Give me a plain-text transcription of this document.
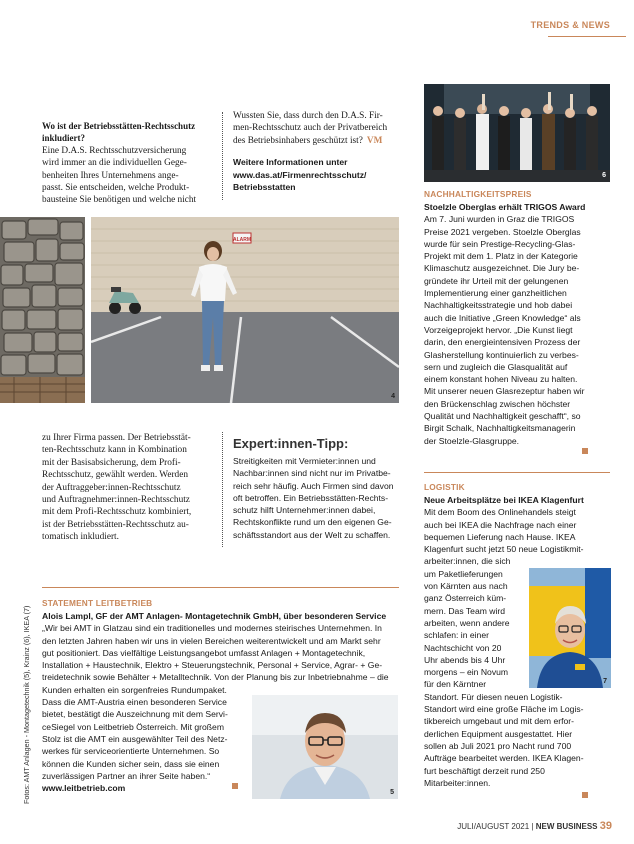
TRENDS & NEWS

Wo ist der Betriebsstätten-Rechtsschutz inkludiert?

Eine D.A.S. Rechtsschutzversicherung
wird immer an die individuellen Gege-
benheiten Ihres Unternehmens ange-
passt. Sie entscheiden, welche Produkt-
bausteine Sie benötigen und welche nicht
Wussten Sie, dass durch den D.A.S. Fir-
men-Rechtsschutz auch der Privatbereich
des Betriebsinhabers geschützt ist? VM
Weitere Informationen unter
www.das.at/Firmenrechtsschutz/
Betriebsstatten
ALARM
4
zu Ihrer Firma passen. Der Betriebsstät-
ten-Rechtsschutz kann in Kombination
mit der Basisabsicherung, dem Profi-
Rechtsschutz, gewählt werden. Werden
der Auftraggeber:innen-Rechtsschutz
und Auftragnehmer:innen-Rechtsschutz
mit dem Profi-Rechtsschutz kombiniert,
ist der Betriebsstätten-Rechtsschutz au-
tomatisch inkludiert.
Expert:innen-Tipp:
Streitigkeiten mit Vermieter:innen und
Nachbar:innen sind nicht nur im Privatbe-
reich sehr häufig. Auch Firmen sind davon
oft betroffen. Ein Betriebsstätten-Rechts-
schutz hilft Unternehmer:innen dabei,
Rechtskonflikte rund um den eigenen Ge-
schäftsstandort aus der Welt zu schaffen.
STATEMENT LEITBETRIEB
Alois Lampl, GF der AMT Anlagen- Montagetechnik GmbH, über besonderen Service
„Wir bei AMT in Glatzau sind ein traditionelles und modernes steirisches Unternehmen. In
den letzten Jahren haben wir uns in vielen Bereichen weiterentwickelt und am Markt sehr
gut positioniert. Das vielfältige Leistungsangebot umfasst Anlagen + Montagetechnik,
Installation + Haustechnik, Elektro + Steuerungstechnik, Personal + Service, Agrar- + Ge-
treidetechnik sowie Behälter + Metalltechnik. Von der Planung bis zur Inbetriebnahme – die
Kunden erhalten ein sorgenfreies Rundumpaket.
Dass die AMT-Austria einen besonderen Service
bietet, bestätigt die Auszeichnung mit dem Servi-
ceSiegel von Leitbetrieb Österreich. Mit großem
Stolz ist die AMT ein ausgewählter Teil des Netz-
werkes für serviceorientierte Unternehmen. So
können die Kunden sicher sein, dass sie einen
zuverlässigen Partner an ihrer Seite haben.“
www.leitbetrieb.com	5
6
NACHHALTIGKEITSPREIS
Stoelzle Oberglas erhält TRIGOS Award
Am 7. Juni wurden in Graz die TRIGOS
Preise 2021 vergeben. Stoelzle Oberglas
wurde für sein Prestige-Recycling-Glas-
Projekt mit dem 1. Platz in der Kategorie
Klimaschutz ausgezeichnet. Die Jury be-
gründete ihr Urteil mit der gelungenen
Implementierung einer ganzheitlichen
Nachhaltigkeitsstrategie und hob dabei
auch die Initiative „Green Knowledge“ als
Vorzeigeprojekt hervor. „Die Kunst liegt
darin, den energieintensiven Prozess der
Glasherstellung kontinuierlich zu verbes-
sern und zugleich die Glasqualität auf
einem konstant hohen Niveau zu halten.
Mit unserer neuen Glasrezeptur haben wir
den Brückenschlag zwischen höchster
Qualität und Nachhaltigkeit geschafft“, so
Birgit Schalk, Nachhaltigkeitsmanagerin
der Stoelzle-Glasgruppe.
LOGISTIK
Neue Arbeitsplätze bei IKEA Klagenfurt
Mit dem Boom des Onlinehandels steigt
auch bei IKEA die Nachfrage nach einer
bequemen Lieferung nach Hause. IKEA
Klagenfurt sucht jetzt 50 neue Logistikmit-
arbeiter:innen, die sich
um Paketlieferungen
von Kärnten aus nach
ganz Österreich küm-
mern. Das Team wird
arbeiten, wenn andere
schlafen: in einer
Nachtschicht von 20
Uhr abends bis 4 Uhr
morgens – ein Novum
für den Kärntner
Standort. Für diesen neuen Logistik-
Standort wird eine große Fläche im Logis-
tikbereich umgebaut und mit dem erfor-
derlichen Equipment ausgestattet. Hier
sollen ab Juli 2021 pro Nacht rund 700
Aufträge bearbeitet werden. IKEA Klagen-
furt beschäftigt derzeit rund 250
Mitarbeiter:innen.
7
Fotos: AMT Anlagen - Montagetechnik (5), Krainz (6), IKEA (7)
JULI/AUGUST 2021 | NEW BUSINESS 39
